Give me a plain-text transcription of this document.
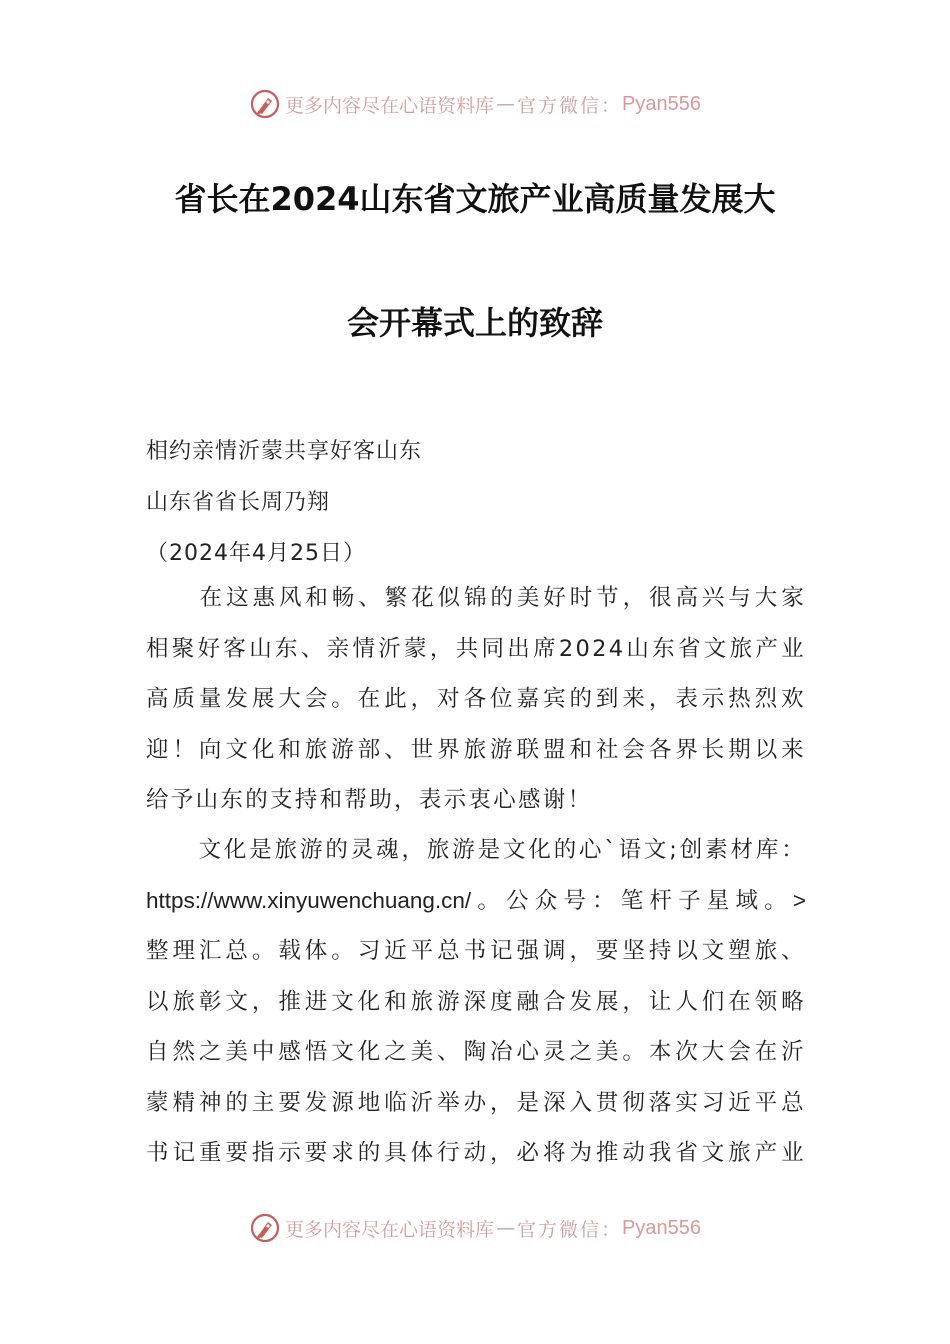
更多内容尽在心语资料库 — 官方微信： Pyan556
省长在2024山东省文旅产业高质量发展大
会开幕式上的致辞
相约亲情沂蒙共享好客山东
山东省省长周乃翔
（2024年4月25日）
在这惠风和畅、繁花似锦的美好时节，很高兴与大家
相聚好客山东、亲情沂蒙，共同出席2024山东省文旅产业
高质量发展大会。在此，对各位嘉宾的到来，表示热烈欢
迎！向文化和旅游部、世界旅游联盟和社会各界长期以来
给予山东的支持和帮助，表示衷心感谢！
文化是旅游的灵魂，旅游是文化的心`语文;创素材库：
https://www.xinyuwenchuang.cn/。公众号：笔杆子星域。>
整理汇总。载体。习近平总书记强调，要坚持以文塑旅、
以旅彰文，推进文化和旅游深度融合发展，让人们在领略
自然之美中感悟文化之美、陶冶心灵之美。本次大会在沂
蒙精神的主要发源地临沂举办，是深入贯彻落实习近平总
书记重要指示要求的具体行动，必将为推动我省文旅产业
更多内容尽在心语资料库 — 官方微信： Pyan556
